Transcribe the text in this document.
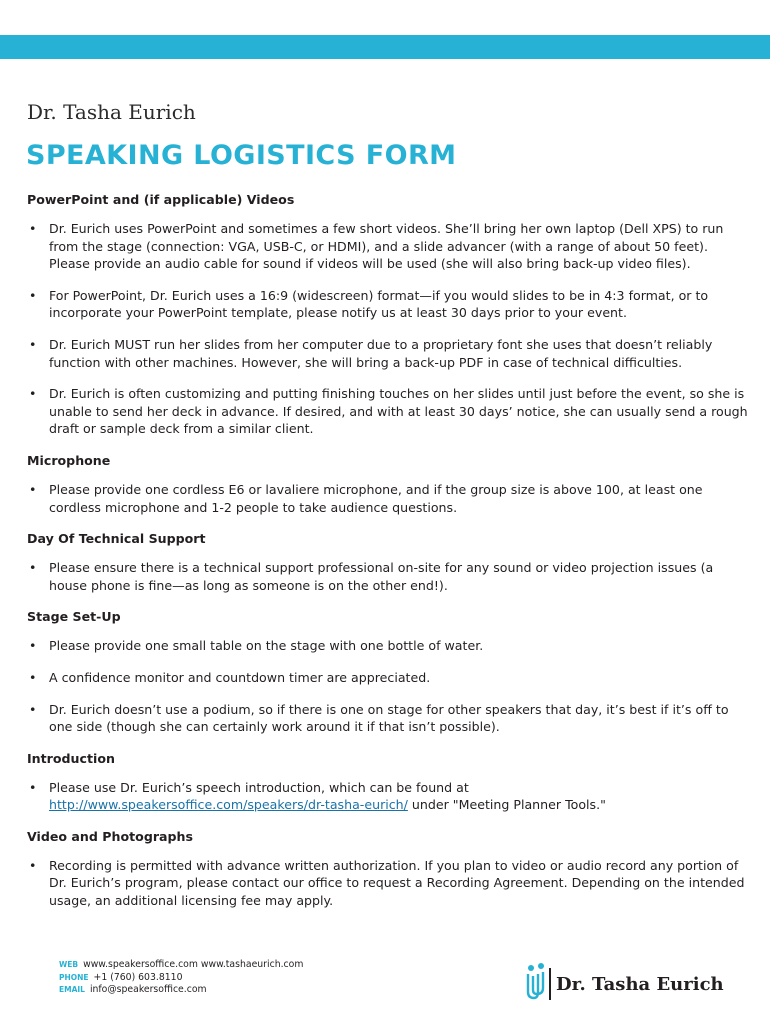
Dr. Tasha Eurich
SPEAKING LOGISTICS FORM
PowerPoint and (if applicable) Videos
• Dr. Eurich uses PowerPoint and sometimes a few short videos. She’ll bring her own laptop (Dell XPS) to run from the stage (connection: VGA, USB-C, or HDMI), and a slide advancer (with a range of about 50 feet). Please provide an audio cable for sound if videos will be used (she will also bring back-up video files).
• For PowerPoint, Dr. Eurich uses a 16:9 (widescreen) format—if you would slides to be in 4:3 format, or to incorporate your PowerPoint template, please notify us at least 30 days prior to your event.
• Dr. Eurich MUST run her slides from her computer due to a proprietary font she uses that doesn’t reliably function with other machines. However, she will bring a back-up PDF in case of technical difficulties.
• Dr. Eurich is often customizing and putting finishing touches on her slides until just before the event, so she is unable to send her deck in advance. If desired, and with at least 30 days’ notice, she can usually send a rough draft or sample deck from a similar client.
Microphone
• Please provide one cordless E6 or lavaliere microphone, and if the group size is above 100, at least one cordless microphone and 1-2 people to take audience questions.
Day Of Technical Support
• Please ensure there is a technical support professional on-site for any sound or video projection issues (a house phone is fine—as long as someone is on the other end!).
Stage Set-Up
• Please provide one small table on the stage with one bottle of water.
• A confidence monitor and countdown timer are appreciated.
• Dr. Eurich doesn’t use a podium, so if there is one on stage for other speakers that day, it’s best if it’s off to one side (though she can certainly work around it if that isn’t possible).
Introduction
• Please use Dr. Eurich’s speech introduction, which can be found at
http://www.speakersoffice.com/speakers/dr-tasha-eurich/ under "Meeting Planner Tools."
Video and Photographs
• Recording is permitted with advance written authorization. If you plan to video or audio record any portion of Dr. Eurich’s program, please contact our office to request a Recording Agreement. Depending on the intended usage, an additional licensing fee may apply.
WEB www.speakersoffice.com www.tashaeurich.com
PHONE +1 (760) 603.8110
EMAIL info@speakersoffice.com	Dr. Tasha Eurich
